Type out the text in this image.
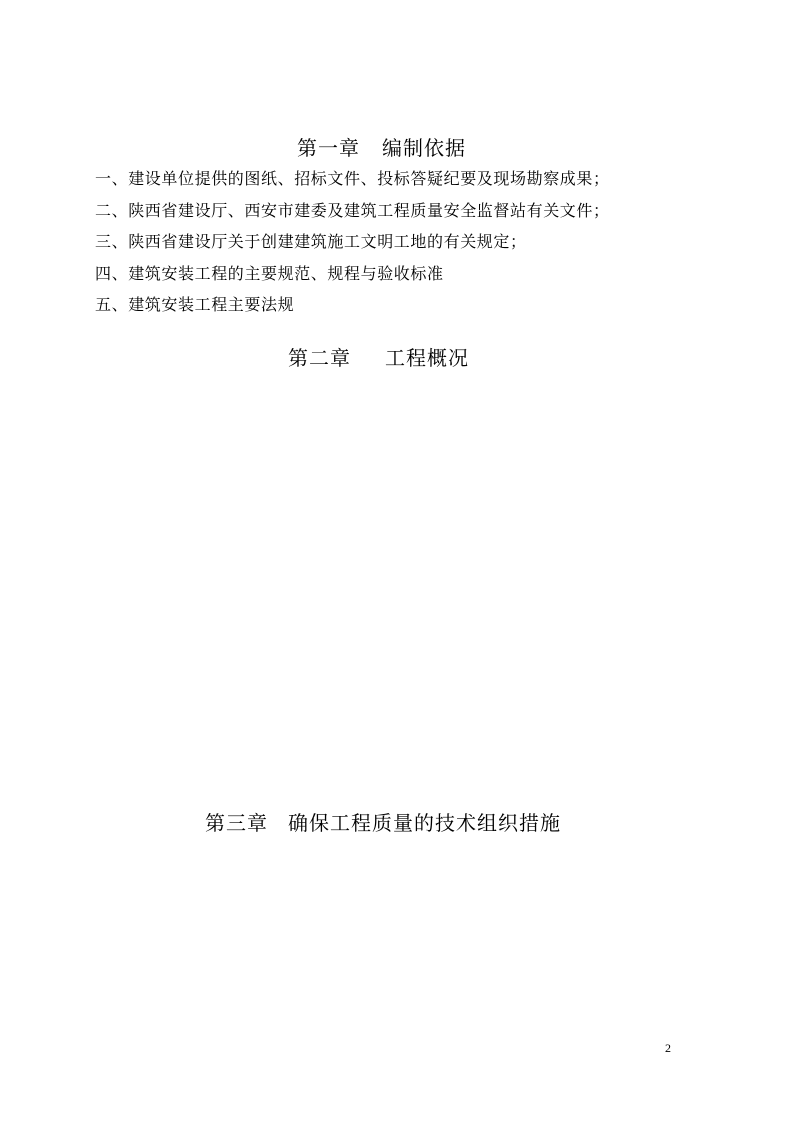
第一章 编制依据
一、建设单位提供的图纸、招标文件、投标答疑纪要及现场勘察成果；
二、陕西省建设厅、西安市建委及建筑工程质量安全监督站有关文件；
三、陕西省建设厅关于创建建筑施工文明工地的有关规定；
四、建筑安装工程的主要规范、规程与验收标准
五、建筑安装工程主要法规
第二章 工程概况
第三章 确保工程质量的技术组织措施
2
